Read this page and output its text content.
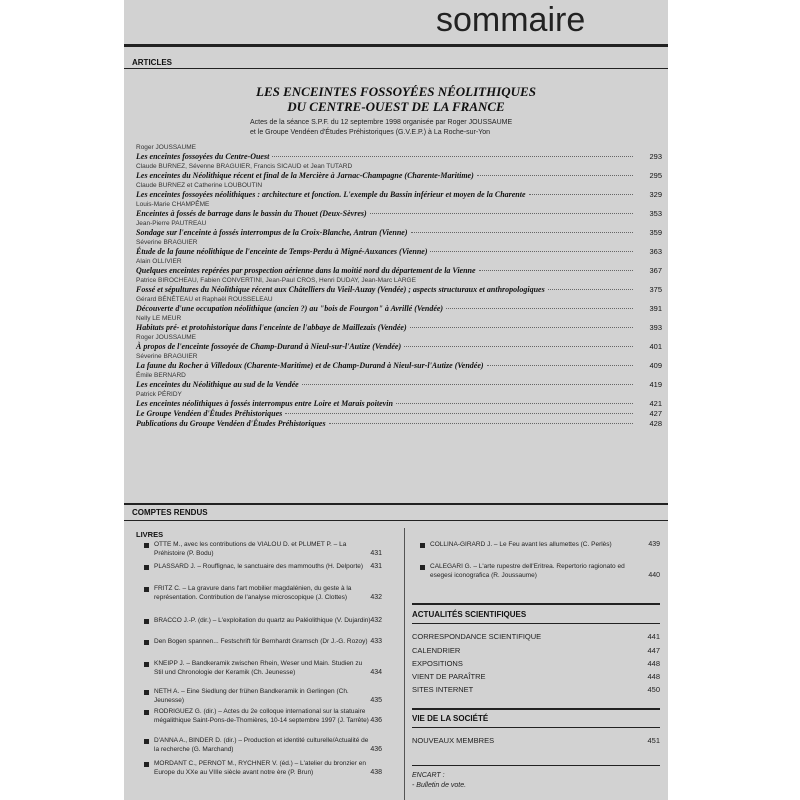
sommaire
ARTICLES
LES ENCEINTES FOSSOYÉES NÉOLITHIQUES
DU CENTRE-OUEST DE LA FRANCE
Actes de la séance S.P.F. du 12 septembre 1998 organisée par Roger JOUSSAUME
et le Groupe Vendéen d'Études Préhistoriques (G.V.E.P.) à La Roche-sur-Yon
Roger JOUSSAUME
Les enceintes fossoyées du Centre-Ouest	293
Claude BURNEZ, Sévenne BRAGUIER, Francis SICAUD et Jean TUTARD
Les enceintes du Néolithique récent et final de la Mercière à Jarnac-Champagne (Charente-Maritime)	295
Claude BURNEZ et Catherine LOUBOUTIN
Les enceintes fossoyées néolithiques : architecture et fonction. L'exemple du Bassin inférieur et moyen de la Charente	329
Louis-Marie CHAMPÊME
Enceintes à fossés de barrage dans le bassin du Thouet (Deux-Sèvres)	353
Jean-Pierre PAUTREAU
Sondage sur l'enceinte à fossés interrompus de la Croix-Blanche, Antran (Vienne)	359
Séverine BRAGUIER
Étude de la faune néolithique de l'enceinte de Temps-Perdu à Migné-Auxances (Vienne)	363
Alain OLLIVIER
Quelques enceintes repérées par prospection aérienne dans la moitié nord du département de la Vienne	367
Patrice BIROCHEAU, Fabien CONVERTINI, Jean-Paul CROS, Henri DUDAY, Jean-Marc LARGE
Fossé et sépultures du Néolithique récent aux Châtelliers du Vieil-Auzay (Vendée) ; aspects structuraux et anthropologiques	375
Gérard BÉNÉTEAU et Raphaël ROUSSELEAU
Découverte d'une occupation néolithique (ancien ?) au "bois de Fourgon" à Avrillé (Vendée)	391
Nelly LE MEUR
Habitats pré- et protohistorique dans l'enceinte de l'abbaye de Maillezais (Vendée)	393
Roger JOUSSAUME
À propos de l'enceinte fossoyée de Champ-Durand à Nieul-sur-l'Autize (Vendée)	401
Séverine BRAGUIER
La faune du Rocher à Villedoux (Charente-Maritime) et de Champ-Durand à Nieul-sur-l'Autize (Vendée)	409
Émile BERNARD
Les enceintes du Néolithique au sud de la Vendée	419
Patrick PÉRIDY
Les enceintes néolithiques à fossés interrompus entre Loire et Marais poitevin	421
Le Groupe Vendéen d'Études Préhistoriques	427
Publications du Groupe Vendéen d'Études Préhistoriques	428
COMPTES RENDUS
LIVRES
OTTE M., avec les contributions de VIALOU D. et PLUMET P. – La Préhistoire (P. Bodu)	431
PLASSARD J. – Rouffignac, le sanctuaire des mammouths (H. Delporte)	431
FRITZ C. – La gravure dans l'art mobilier magdalénien, du geste à la représentation. Contribution de l'analyse microscopique (J. Clottes)	432
BRACCO J.-P. (dir.) – L'exploitation du quartz au Paléolithique (V. Dujardin) 432
Den Bogen spannen... Festschrift für Bernhardt Gramsch (Dr J.-G. Rozoy) 433
KNEIPP J. – Bandkeramik zwischen Rhein, Weser und Main. Studien zu Stil und Chronologie der Keramik (Ch. Jeunesse)	434
NETH A. – Eine Siedlung der frühen Bandkeramik in Gerlingen (Ch. Jeunesse)	435
RODRIGUEZ G. (dir.) – Actes du 2e colloque international sur la statuaire mégalithique Saint-Pons-de-Thomières, 10-14 septembre 1997 (J. Tarrête) 436
D'ANNA A., BINDER D. (dir.) – Production et identité culturelle/Actualité de la recherche (G. Marchand)	436
MORDANT C., PERNOT M., RYCHNER V. (éd.) – L'atelier du bronzier en Europe du XXe au VIIIe siècle avant notre ère (P. Brun)	438
COLLINA-GIRARD J. – Le Feu avant les allumettes (C. Perlès)	439
CALEGARI G. – L'arte rupestre dell'Eritrea. Repertorio ragionato ed esegesi iconografica (R. Joussaume)	440
ACTUALITÉS SCIENTIFIQUES
CORRESPONDANCE SCIENTIFIQUE	441
CALENDRIER	447
EXPOSITIONS	448
VIENT DE PARAÎTRE	448
SITES INTERNET	450
VIE DE LA SOCIÉTÉ
NOUVEAUX MEMBRES	451
ENCART :
- Bulletin de vote.
